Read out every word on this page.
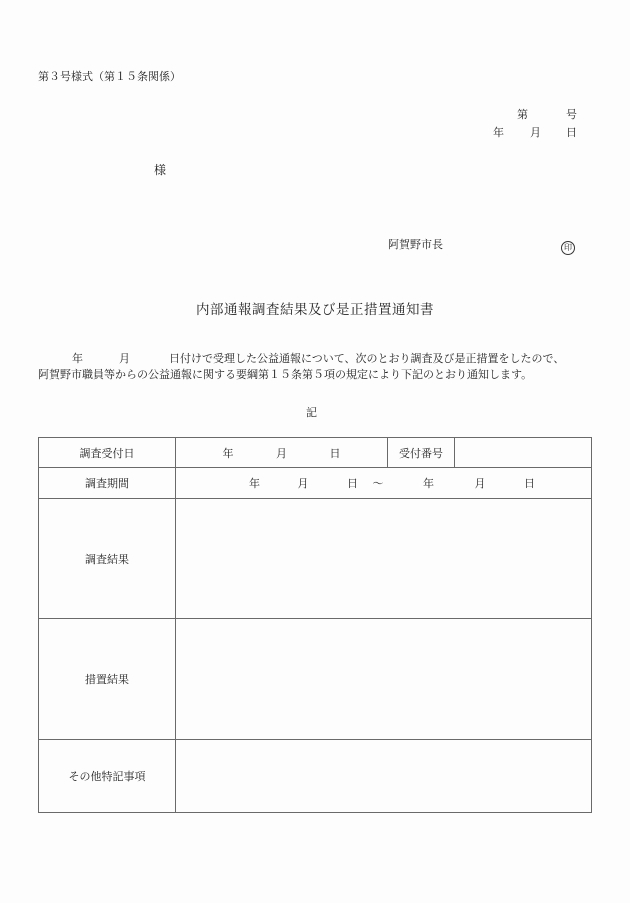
第３号様式（第１５条関係）
第	号
年 月 日
様
阿賀野市長	印
内部通報調査結果及び是正措置通知書
年	月	日付けで受理した公益通報について、次のとおり調査及び是正措置をしたので、
阿賀野市職員等からの公益通報に関する要綱第１５条第５項の規定により下記のとおり通知します。
記
調査受付日	年 月 日	受付番号	
調査期間	年 月 日 〜 年 月 日		

調査結果			
措置結果			
その他特記事項			
